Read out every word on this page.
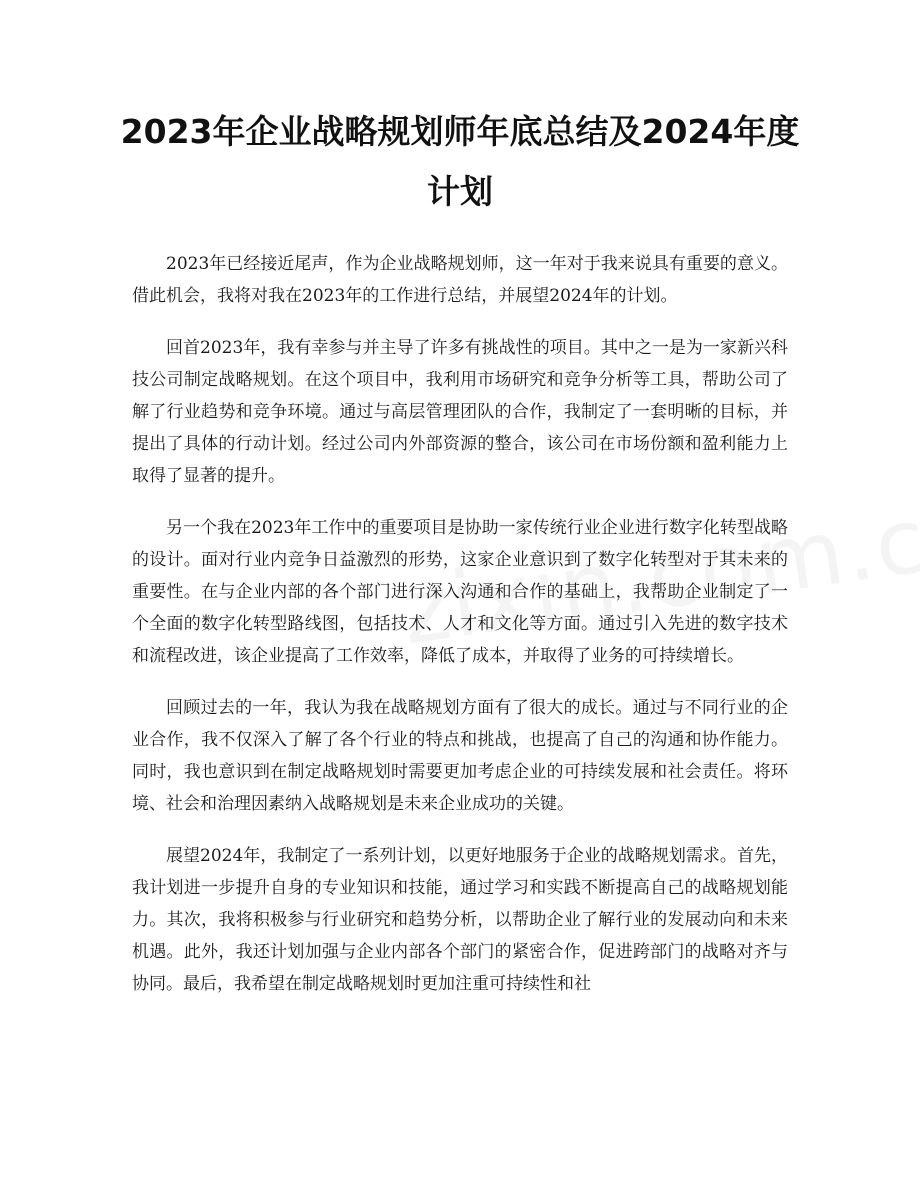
2023年企业战略规划师年底总结及2024年度计划

2023年已经接近尾声，作为企业战略规划师，这一年对于我来说具有重要的意义。借此机会，我将对我在2023年的工作进行总结，并展望2024年的计划。

回首2023年，我有幸参与并主导了许多有挑战性的项目。其中之一是为一家新兴科技公司制定战略规划。在这个项目中，我利用市场研究和竞争分析等工具，帮助公司了解了行业趋势和竞争环境。通过与高层管理团队的合作，我制定了一套明晰的目标，并提出了具体的行动计划。经过公司内外部资源的整合，该公司在市场份额和盈利能力上取得了显著的提升。

另一个我在2023年工作中的重要项目是协助一家传统行业企业进行数字化转型战略的设计。面对行业内竞争日益激烈的形势，这家企业意识到了数字化转型对于其未来的重要性。在与企业内部的各个部门进行深入沟通和合作的基础上，我帮助企业制定了一个全面的数字化转型路线图，包括技术、人才和文化等方面。通过引入先进的数字技术和流程改进，该企业提高了工作效率，降低了成本，并取得了业务的可持续增长。

回顾过去的一年，我认为我在战略规划方面有了很大的成长。通过与不同行业的企业合作，我不仅深入了解了各个行业的特点和挑战，也提高了自己的沟通和协作能力。同时，我也意识到在制定战略规划时需要更加考虑企业的可持续发展和社会责任。将环境、社会和治理因素纳入战略规划是未来企业成功的关键。

展望2024年，我制定了一系列计划，以更好地服务于企业的战略规划需求。首先，我计划进一步提升自身的专业知识和技能，通过学习和实践不断提高自己的战略规划能力。其次，我将积极参与行业研究和趋势分析，以帮助企业了解行业的发展动向和未来机遇。此外，我还计划加强与企业内部各个部门的紧密合作，促进跨部门的战略对齐与协同。最后，我希望在制定战略规划时更加注重可持续性和社
